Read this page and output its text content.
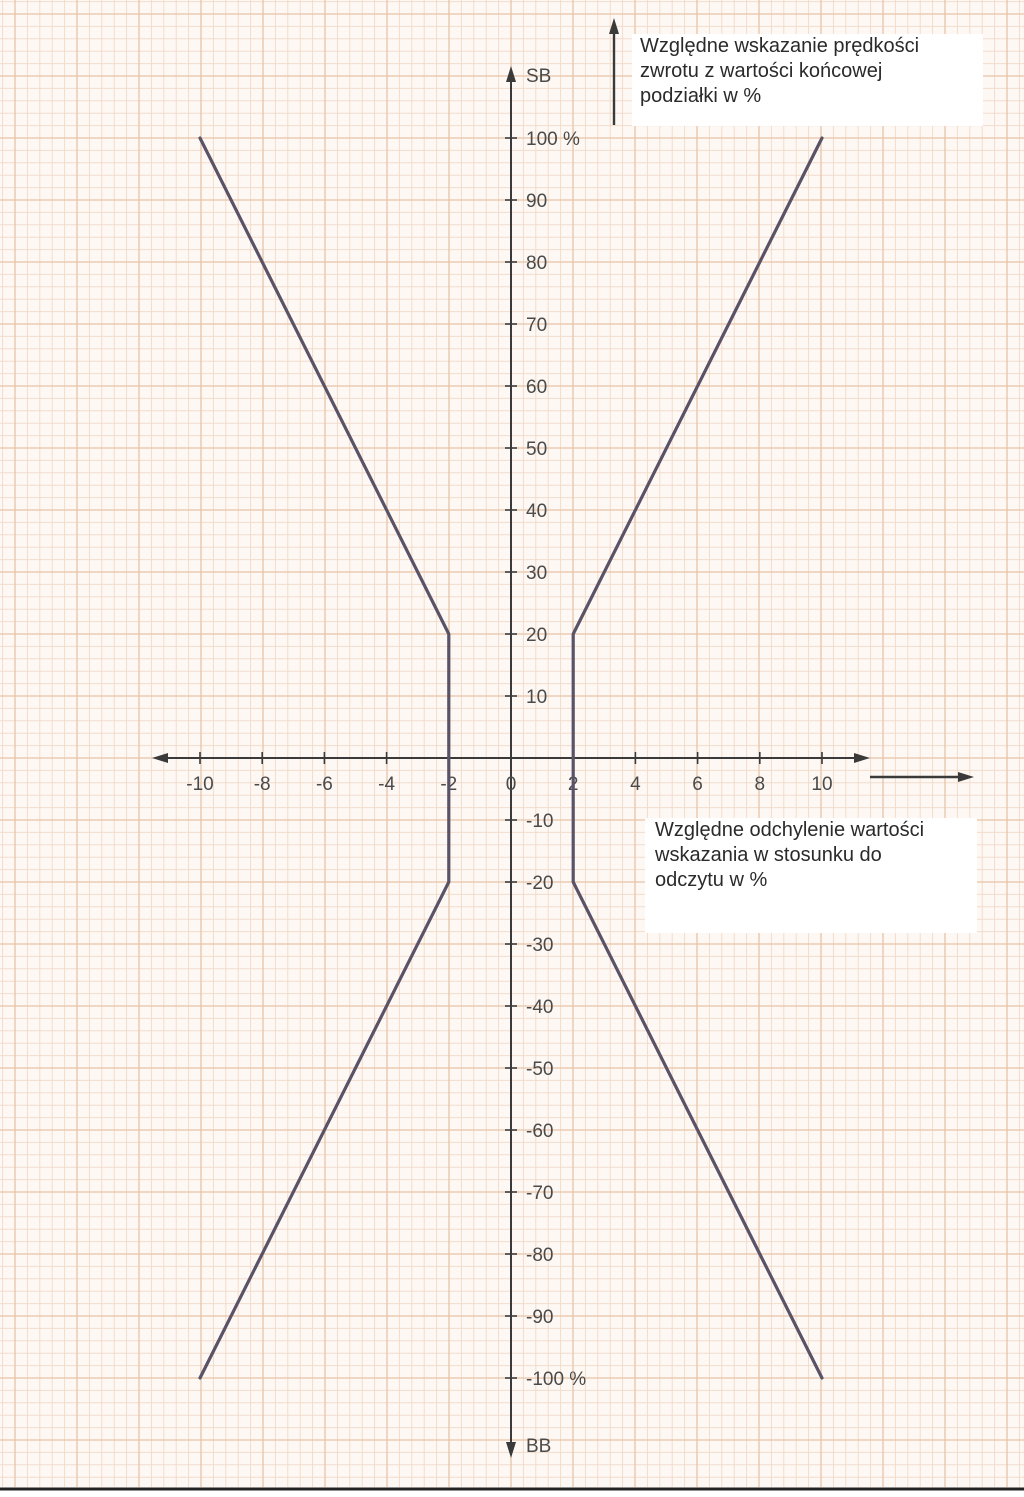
-10 -8 -6 -4 -2	0	2	4	6	8 10
100 %
90
80
70
60
50
40
30
20
10
-10
-20
-30
-40
-50
-60
-70
-80
-90
-100 %
SB
BB
Względne wskazanie prędkości
zwrotu z wartości końcowej
podziałki w %
Względne odchylenie wartości
wskazania w stosunku do
odczytu w %
